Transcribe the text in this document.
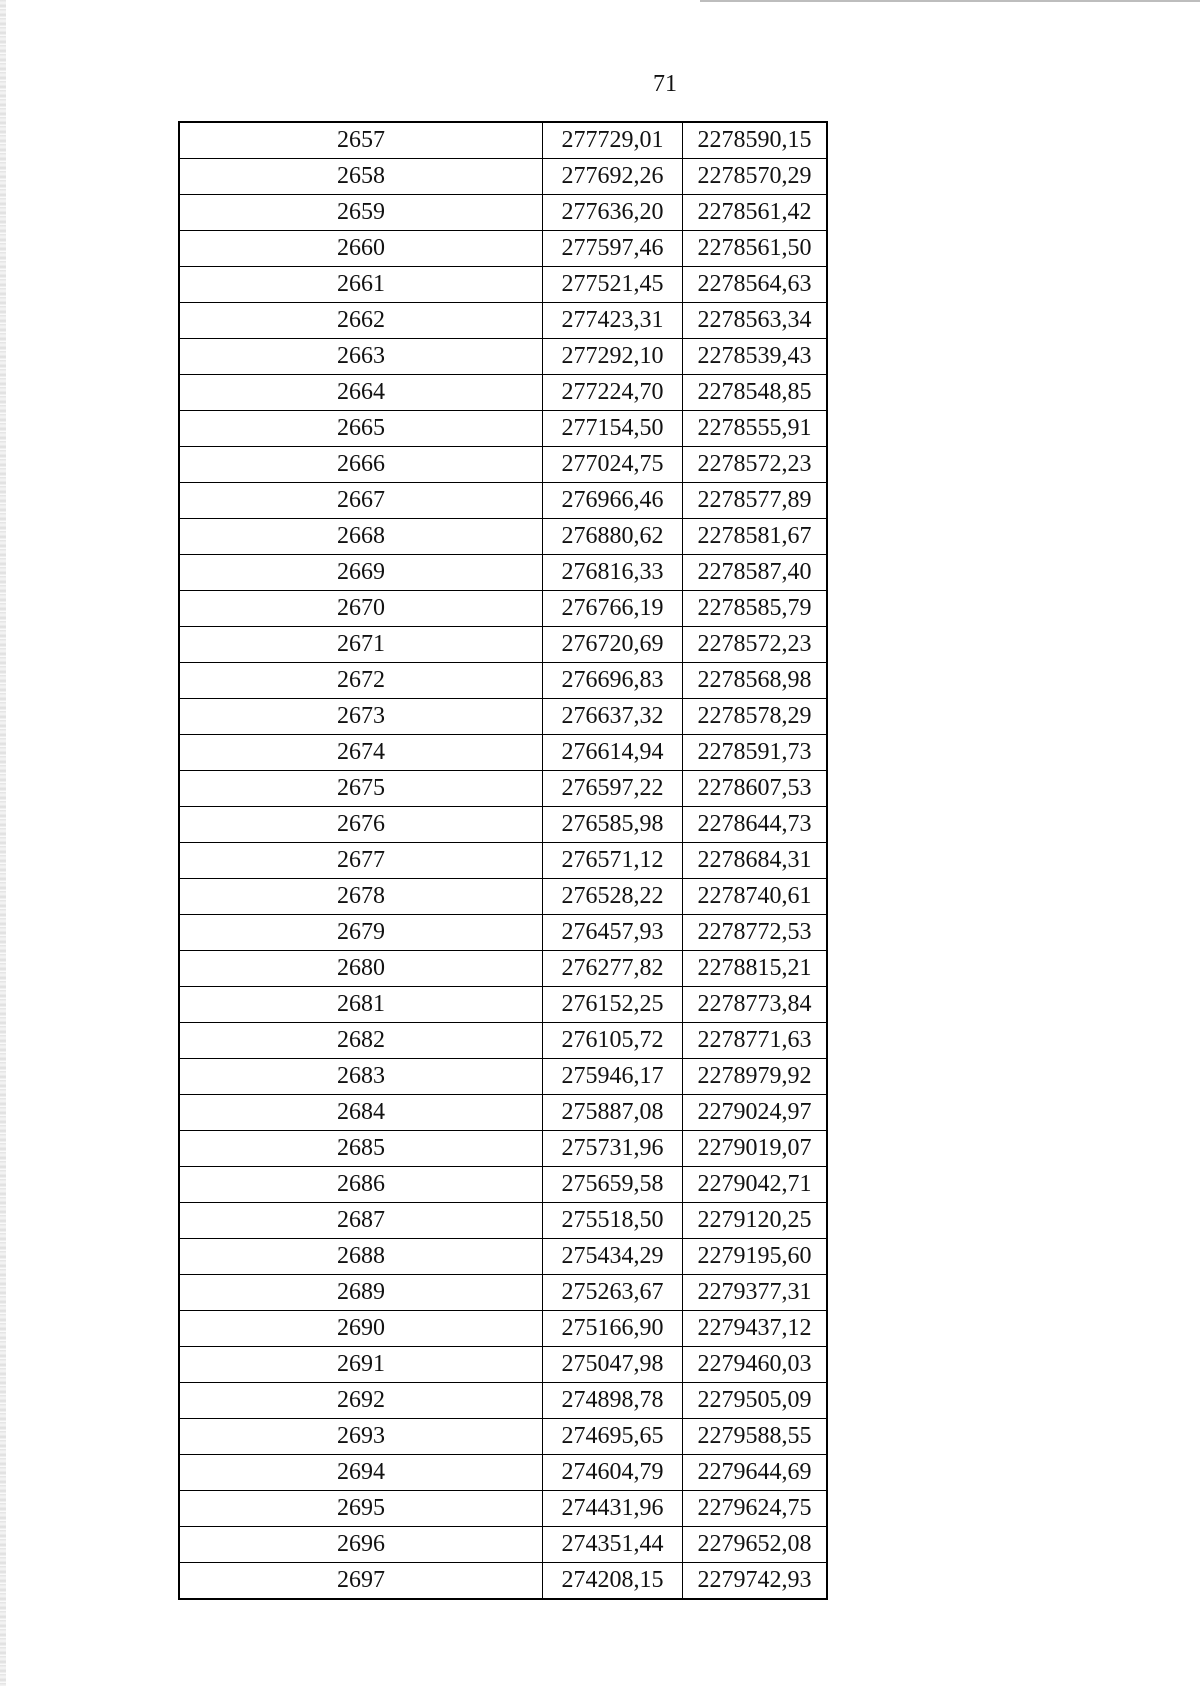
71
2657	277729,01	2278590,15
2658	277692,26	2278570,29
2659	277636,20	2278561,42
2660	277597,46	2278561,50
2661	277521,45	2278564,63
2662	277423,31	2278563,34
2663	277292,10	2278539,43
2664	277224,70	2278548,85
2665	277154,50	2278555,91
2666	277024,75	2278572,23
2667	276966,46	2278577,89
2668	276880,62	2278581,67
2669	276816,33	2278587,40
2670	276766,19	2278585,79
2671	276720,69	2278572,23
2672	276696,83	2278568,98
2673	276637,32	2278578,29
2674	276614,94	2278591,73
2675	276597,22	2278607,53
2676	276585,98	2278644,73
2677	276571,12	2278684,31
2678	276528,22	2278740,61
2679	276457,93	2278772,53
2680	276277,82	2278815,21
2681	276152,25	2278773,84
2682	276105,72	2278771,63
2683	275946,17	2278979,92
2684	275887,08	2279024,97
2685	275731,96	2279019,07
2686	275659,58	2279042,71
2687	275518,50	2279120,25
2688	275434,29	2279195,60
2689	275263,67	2279377,31
2690	275166,90	2279437,12
2691	275047,98	2279460,03
2692	274898,78	2279505,09
2693	274695,65	2279588,55
2694	274604,79	2279644,69
2695	274431,96	2279624,75
2696	274351,44	2279652,08
2697	274208,15	2279742,93
